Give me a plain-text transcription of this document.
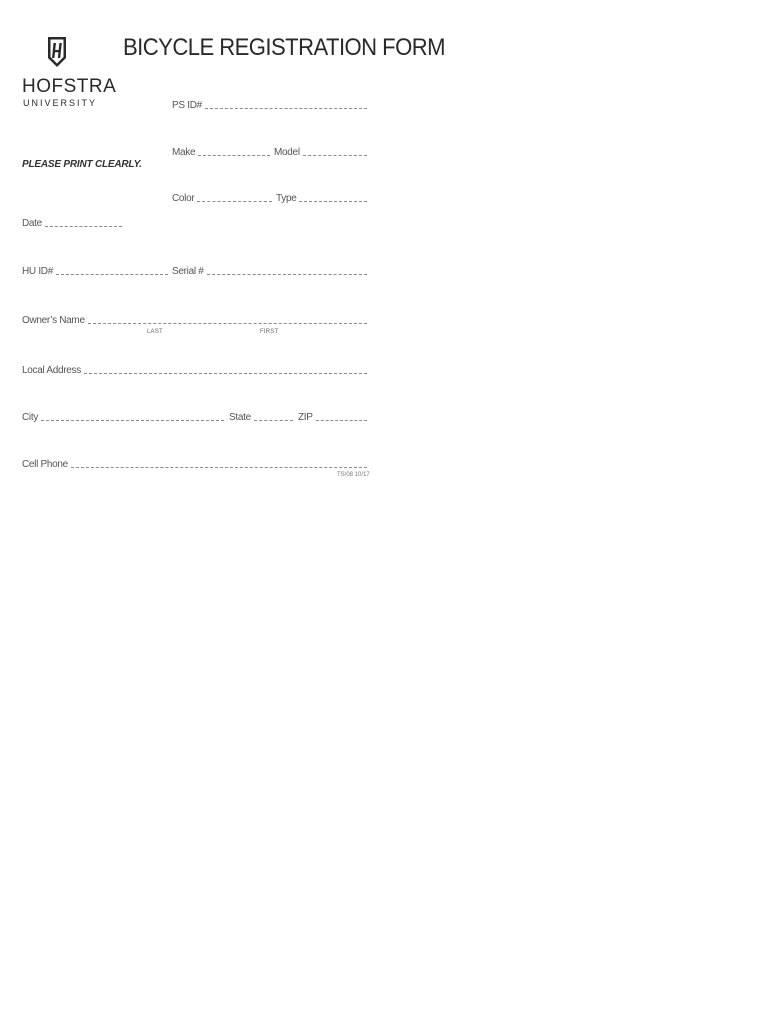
HOFSTRA
UNIVERSITY
BICYCLE REGISTRATION FORM
PLEASE PRINT CLEARLY.
PS ID#
Make	Model
Color	Type
Date
HU ID#	Serial #
Owner’s Name
LAST	FIRST
Local Address
City	State	ZIP
Cell Phone
TS/08 10/17
